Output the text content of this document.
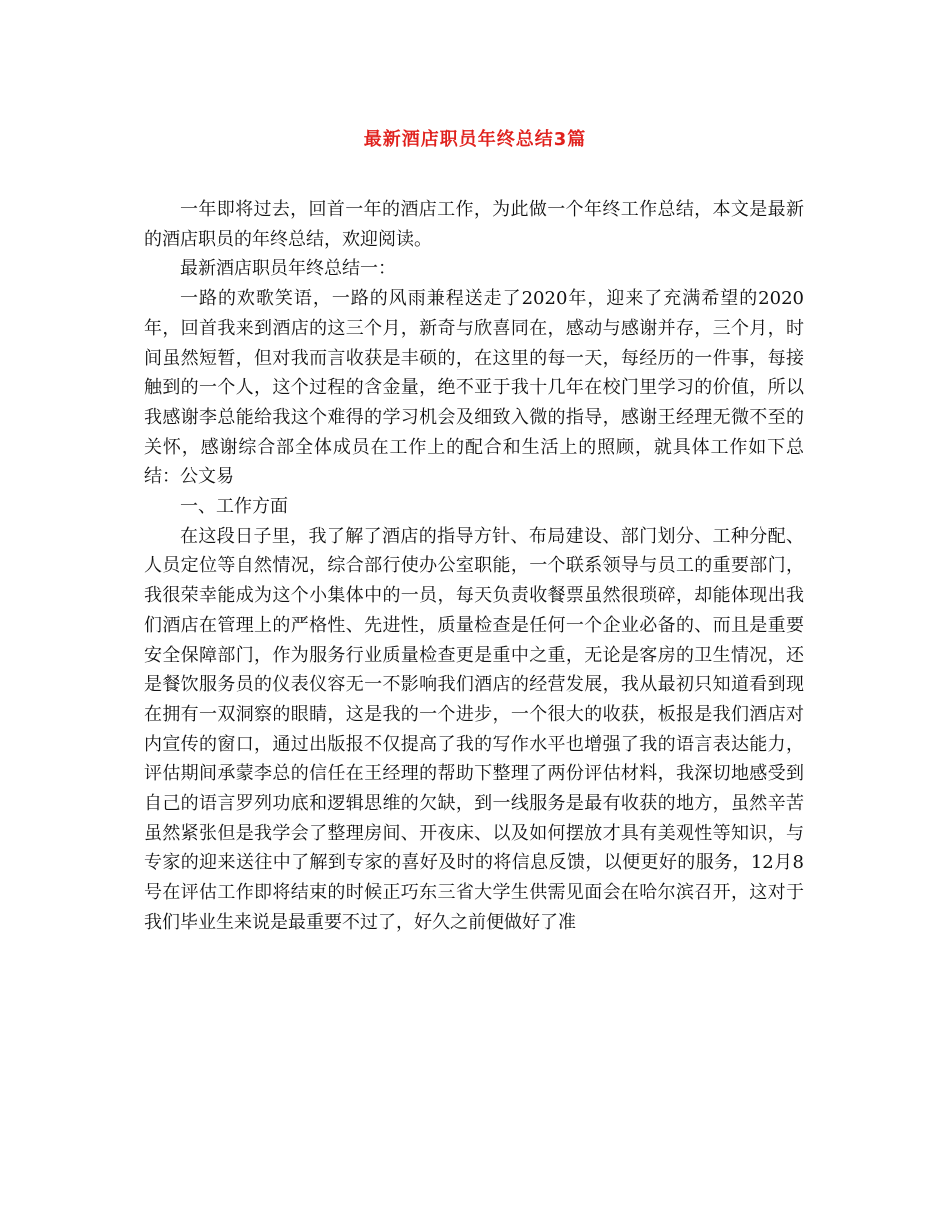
最新酒店职员年终总结3篇

一年即将过去，回首一年的酒店工作，为此做一个年终工作总结，本文是最新的酒店职员的年终总结，欢迎阅读。

最新酒店职员年终总结一：

一路的欢歌笑语，一路的风雨兼程送走了2020年，迎来了充满希望的2020年，回首我来到酒店的这三个月，新奇与欣喜同在，感动与感谢并存，三个月，时间虽然短暂，但对我而言收获是丰硕的，在这里的每一天，每经历的一件事，每接触到的一个人，这个过程的含金量，绝不亚于我十几年在校门里学习的价值，所以我感谢李总能给我这个难得的学习机会及细致入微的指导，感谢王经理无微不至的关怀，感谢综合部全体成员在工作上的配合和生活上的照顾，就具体工作如下总结：公文易

一、工作方面

在这段日子里，我了解了酒店的指导方针、布局建设、部门划分、工种分配、人员定位等自然情况，综合部行使办公室职能，一个联系领导与员工的重要部门，我很荣幸能成为这个小集体中的一员，每天负责收餐票虽然很琐碎，却能体现出我们酒店在管理上的严格性、先进性，质量检查是任何一个企业必备的、而且是重要安全保障部门，作为服务行业质量检查更是重中之重，无论是客房的卫生情况，还是餐饮服务员的仪表仪容无一不影响我们酒店的经营发展，我从最初只知道看到现在拥有一双洞察的眼睛，这是我的一个进步，一个很大的收获，板报是我们酒店对内宣传的窗口，通过出版报不仅提高了我的写作水平也增强了我的语言表达能力，评估期间承蒙李总的信任在王经理的帮助下整理了两份评估材料，我深切地感受到自己的语言罗列功底和逻辑思维的欠缺，到一线服务是最有收获的地方，虽然辛苦虽然紧张但是我学会了整理房间、开夜床、以及如何摆放才具有美观性等知识，与专家的迎来送往中了解到专家的喜好及时的将信息反馈，以便更好的服务，12月8号在评估工作即将结束的时候正巧东三省大学生供需见面会在哈尔滨召开，这对于我们毕业生来说是最重要不过了，好久之前便做好了准
